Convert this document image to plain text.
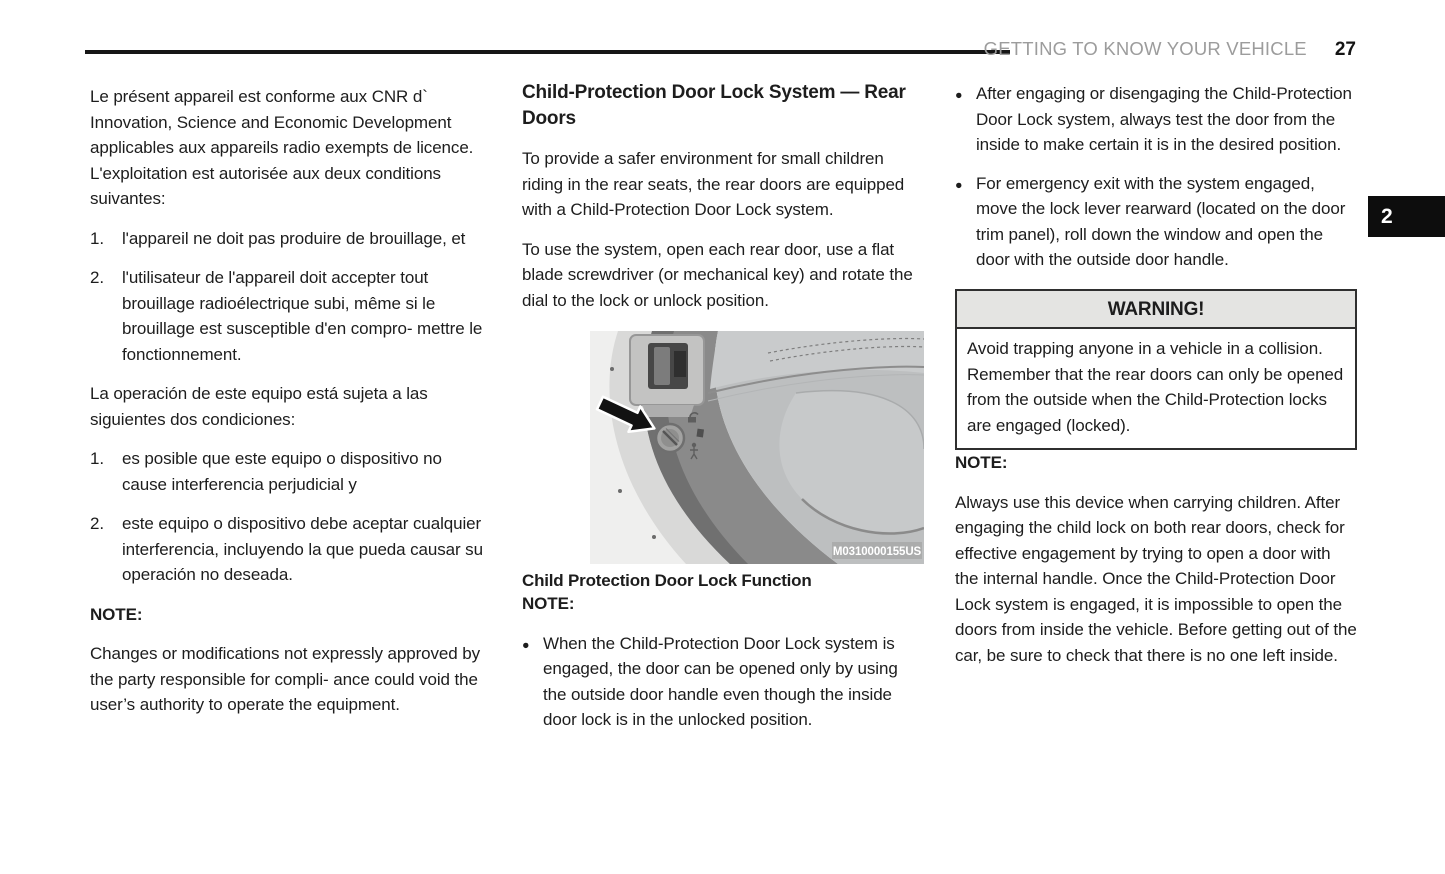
GETTING TO KNOW YOUR VEHICLE 27
2

Le présent appareil est conforme aux CNR d` Innovation, Science and Economic Development applicables aux appareils radio exempts de licence. L'exploitation est autorisée aux deux conditions suivantes:

1.	l'appareil ne doit pas produire de brouillage, et
2.	l'utilisateur de l'appareil doit accepter tout brouillage radioélectrique subi, même si le brouillage est susceptible d'en compro- mettre le fonctionnement.

La operación de este equipo está sujeta a las siguientes dos condiciones:

1.	es posible que este equipo o dispositivo no cause interferencia perjudicial y
2.	este equipo o dispositivo debe aceptar cualquier interferencia, incluyendo la que pueda causar su operación no deseada.

NOTE:

Changes or modifications not expressly approved by the party responsible for compli- ance could void the user’s authority to operate the equipment.

Child-Protection Door Lock System — Rear Doors

To provide a safer environment for small children riding in the rear seats, the rear doors are equipped with a Child-Protection Door Lock system.

To use the system, open each rear door, use a flat blade screwdriver (or mechanical key) and rotate the dial to the lock or unlock position.

M0310000155US
Child Protection Door Lock Function

NOTE:

●
When the Child-Protection Door Lock system is engaged, the door can be opened only by using the outside door handle even though the inside door lock is in the unlocked position.
●
After engaging or disengaging the Child-Protection Door Lock system, always test the door from the inside to make certain it is in the desired position.
●
For emergency exit with the system engaged, move the lock lever rearward (located on the door trim panel), roll down the window and open the door with the outside door handle.
WARNING!
Avoid trapping anyone in a vehicle in a collision. Remember that the rear doors can only be opened from the outside when the Child-Protection locks are engaged (locked).

NOTE:

Always use this device when carrying children. After engaging the child lock on both rear doors, check for effective engagement by trying to open a door with the internal handle. Once the Child-Protection Door Lock system is engaged, it is impossible to open the doors from inside the vehicle. Before getting out of the car, be sure to check that there is no one left inside.
